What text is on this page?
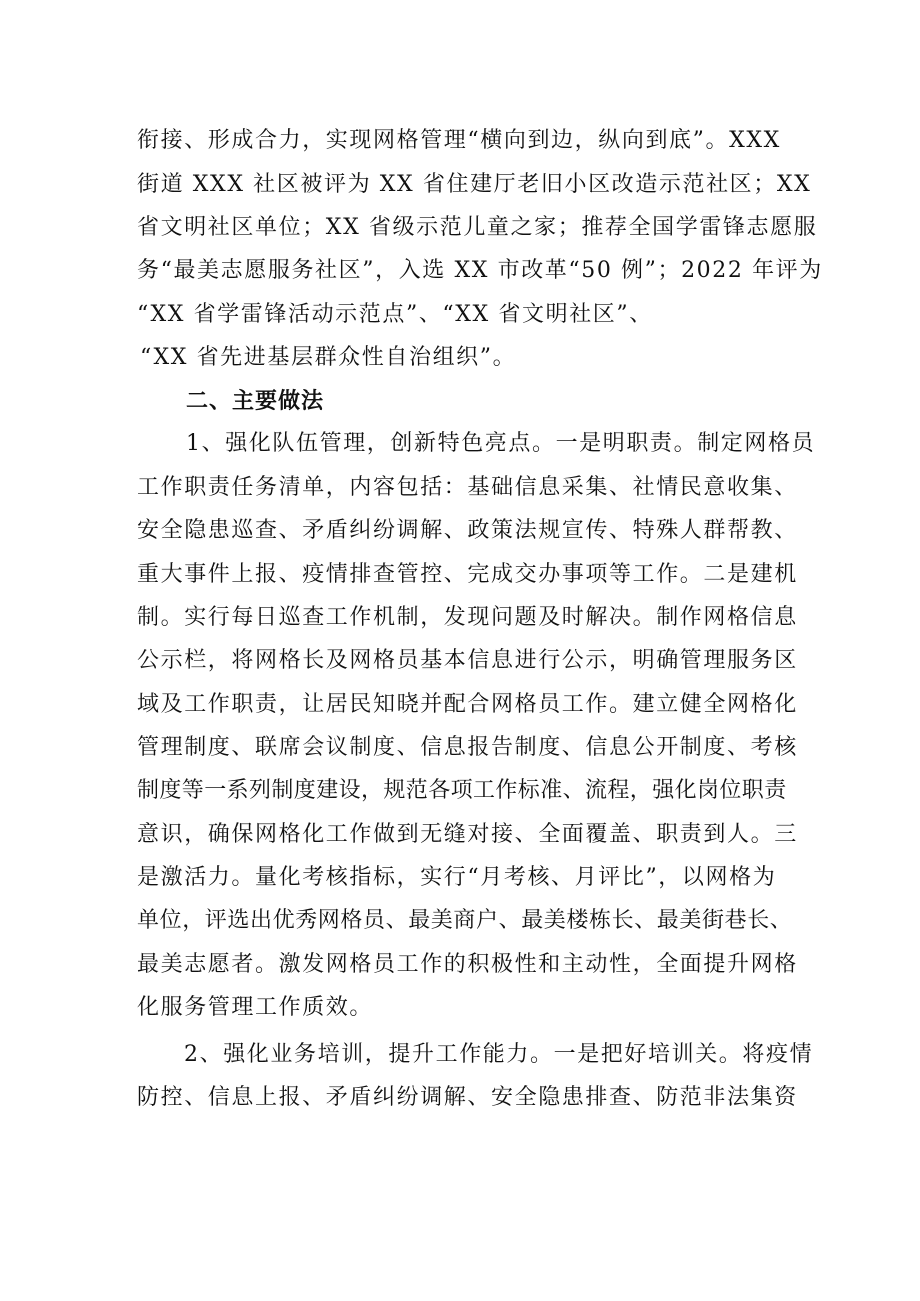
衔接、形成合力，实现网格管理“横向到边，纵向到底”。XXX
街道 XXX 社区被评为 XX 省住建厅老旧小区改造示范社区；XX
省文明社区单位；XX 省级示范儿童之家；推荐全国学雷锋志愿服
务“最美志愿服务社区”，入选 XX 市改革“50 例”；2022 年评为
“XX 省学雷锋活动示范点”、“XX 省文明社区”、
“XX 省先进基层群众性自治组织”。
二、主要做法
1、强化队伍管理，创新特色亮点。一是明职责。制定网格员
工作职责任务清单，内容包括：基础信息采集、社情民意收集、
安全隐患巡查、矛盾纠纷调解、政策法规宣传、特殊人群帮教、
重大事件上报、疫情排查管控、完成交办事项等工作。二是建机
制。实行每日巡查工作机制，发现问题及时解决。制作网格信息
公示栏，将网格长及网格员基本信息进行公示，明确管理服务区
域及工作职责，让居民知晓并配合网格员工作。建立健全网格化
管理制度、联席会议制度、信息报告制度、信息公开制度、考核
制度等一系列制度建设，规范各项工作标准、流程，强化岗位职责
意识，确保网格化工作做到无缝对接、全面覆盖、职责到人。三
是激活力。量化考核指标，实行“月考核、月评比”，以网格为
单位，评选出优秀网格员、最美商户、最美楼栋长、最美街巷长、
最美志愿者。激发网格员工作的积极性和主动性，全面提升网格
化服务管理工作质效。
2、强化业务培训，提升工作能力。一是把好培训关。将疫情
防控、信息上报、矛盾纠纷调解、安全隐患排查、防范非法集资
